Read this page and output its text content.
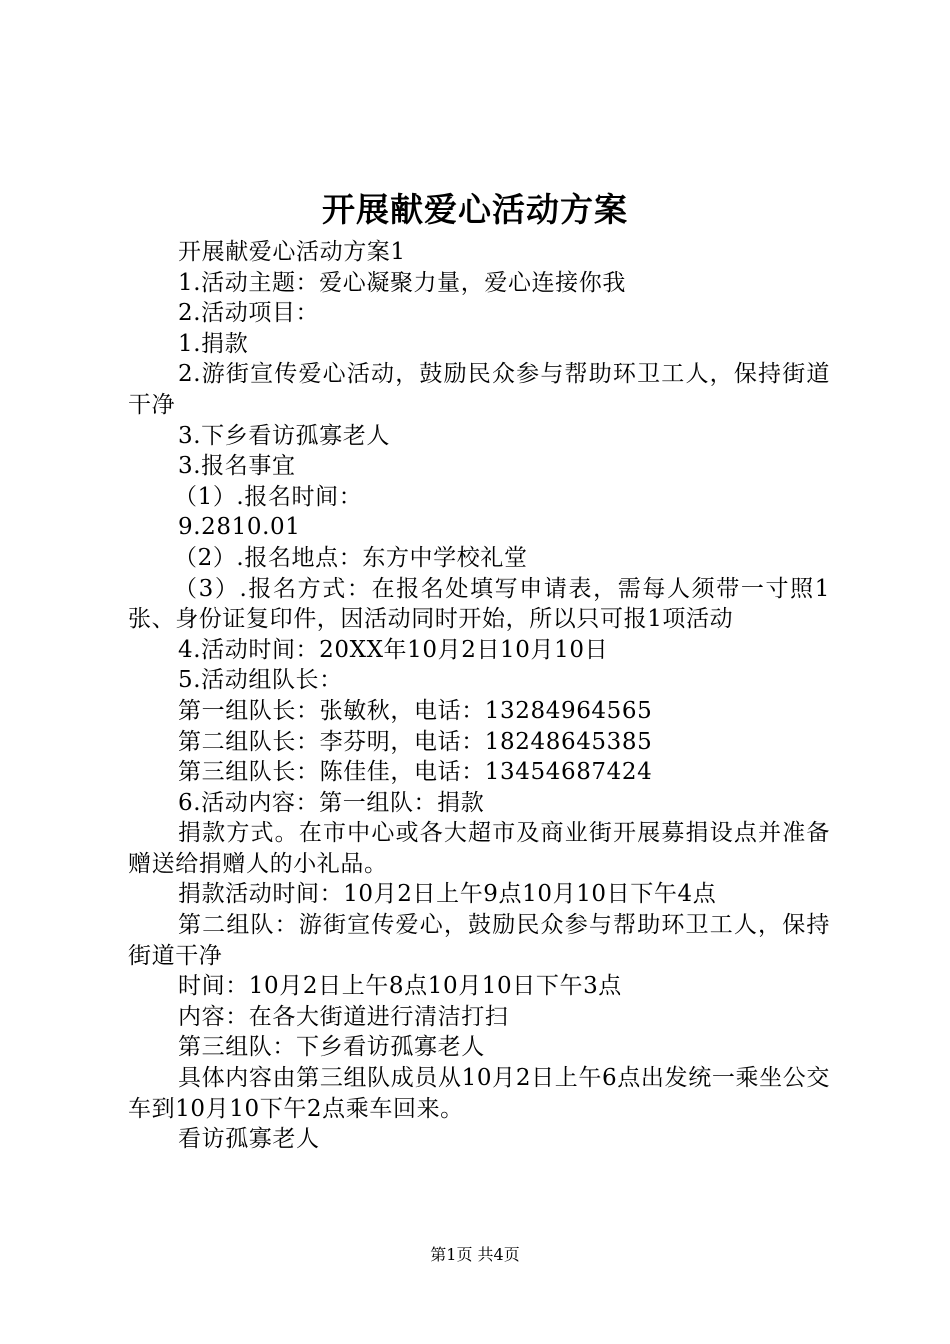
开展献爱心活动方案

开展献爱心活动方案1

1.活动主题：爱心凝聚力量，爱心连接你我

2.活动项目：

1.捐款

2.游街宣传爱心活动，鼓励民众参与帮助环卫工人，保持街道干净

3.下乡看访孤寡老人

3.报名事宜

（1）.报名时间：

9.2810.01

（2）.报名地点：东方中学校礼堂

（3）.报名方式：在报名处填写申请表，需每人须带一寸照1张、身份证复印件，因活动同时开始，所以只可报1项活动

4.活动时间：20XX年10月2日10月10日

5.活动组队长：

第一组队长：张敏秋，电话：13284964565

第二组队长：李芬明，电话：18248645385

第三组队长：陈佳佳，电话：13454687424

6.活动内容：第一组队：捐款

捐款方式。在市中心或各大超市及商业街开展募捐设点并准备赠送给捐赠人的小礼品。

捐款活动时间：10月2日上午9点10月10日下午4点

第二组队：游街宣传爱心，鼓励民众参与帮助环卫工人，保持街道干净

时间：10月2日上午8点10月10日下午3点

内容：在各大街道进行清洁打扫

第三组队：下乡看访孤寡老人

具体内容由第三组队成员从10月2日上午6点出发统一乘坐公交车到10月10下午2点乘车回来。

看访孤寡老人

第1页 共4页
